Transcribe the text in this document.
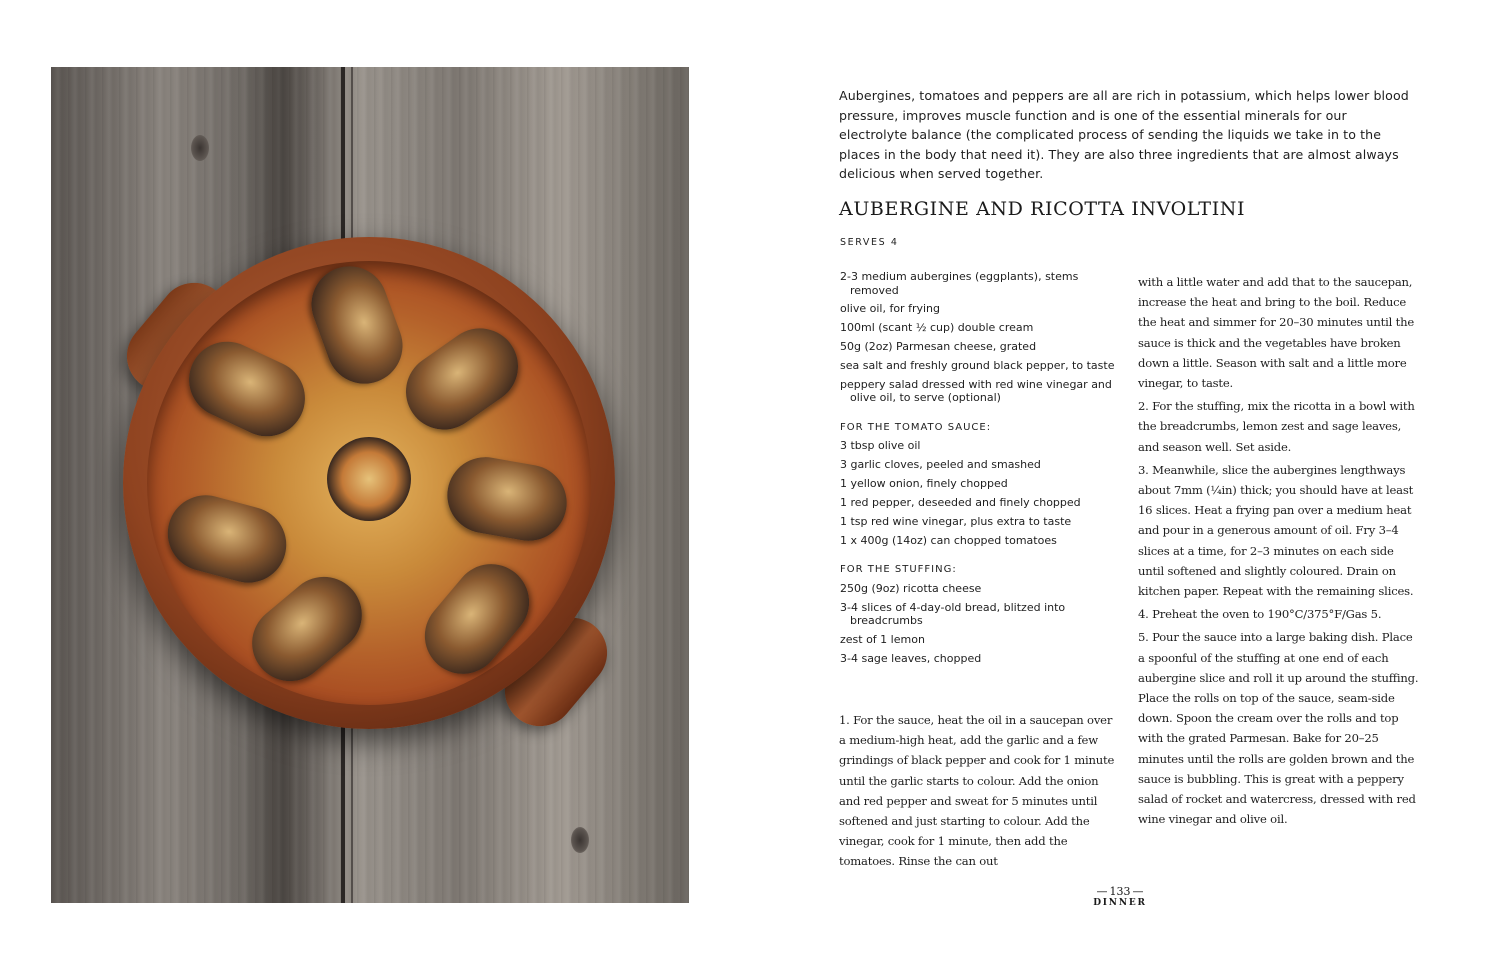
Aubergines, tomatoes and peppers are all are rich in potassium, which helps lower blood pressure, improves muscle function and is one of the essential minerals for our electrolyte balance (the complicated process of sending the liquids we take in to the places in the body that need it). They are also three ingredients that are almost always delicious when served together.

AUBERGINE AND RICOTTA INVOLTINI

SERVES 4

2-3 medium aubergines (eggplants), stems removed

olive oil, for frying

100ml (scant ½ cup) double cream

50g (2oz) Parmesan cheese, grated

sea salt and freshly ground black pepper, to taste

peppery salad dressed with red wine vinegar and olive oil, to serve (optional)

FOR THE TOMATO SAUCE:

3 tbsp olive oil

3 garlic cloves, peeled and smashed

1 yellow onion, finely chopped

1 red pepper, deseeded and finely chopped

1 tsp red wine vinegar, plus extra to taste

1 x 400g (14oz) can chopped tomatoes

FOR THE STUFFING:

250g (9oz) ricotta cheese

3-4 slices of 4-day-old bread, blitzed into breadcrumbs

zest of 1 lemon

3-4 sage leaves, chopped

1. For the sauce, heat the oil in a saucepan over a medium-high heat, add the garlic and a few grindings of black pepper and cook for 1 minute until the garlic starts to colour. Add the onion and red pepper and sweat for 5 minutes until softened and just starting to colour. Add the vinegar, cook for 1 minute, then add the tomatoes. Rinse the can out

with a little water and add that to the saucepan, increase the heat and bring to the boil. Reduce the heat and simmer for 20–30 minutes until the sauce is thick and the vegetables have broken down a little. Season with salt and a little more vinegar, to taste.

2. For the stuffing, mix the ricotta in a bowl with the breadcrumbs, lemon zest and sage leaves, and season well. Set aside.

3. Meanwhile, slice the aubergines lengthways about 7mm (¼in) thick; you should have at least 16 slices. Heat a frying pan over a medium heat and pour in a generous amount of oil. Fry 3–4 slices at a time, for 2–3 minutes on each side until softened and slightly coloured. Drain on kitchen paper. Repeat with the remaining slices.

4. Preheat the oven to 190°C/375°F/Gas 5.

5. Pour the sauce into a large baking dish. Place a spoonful of the stuffing at one end of each aubergine slice and roll it up around the stuffing. Place the rolls on top of the sauce, seam-side down. Spoon the cream over the rolls and top with the grated Parmesan. Bake for 20–25 minutes until the rolls are golden brown and the sauce is bubbling. This is great with a peppery salad of rocket and watercress, dressed with red wine vinegar and olive oil.

— 133 —
DINNER
